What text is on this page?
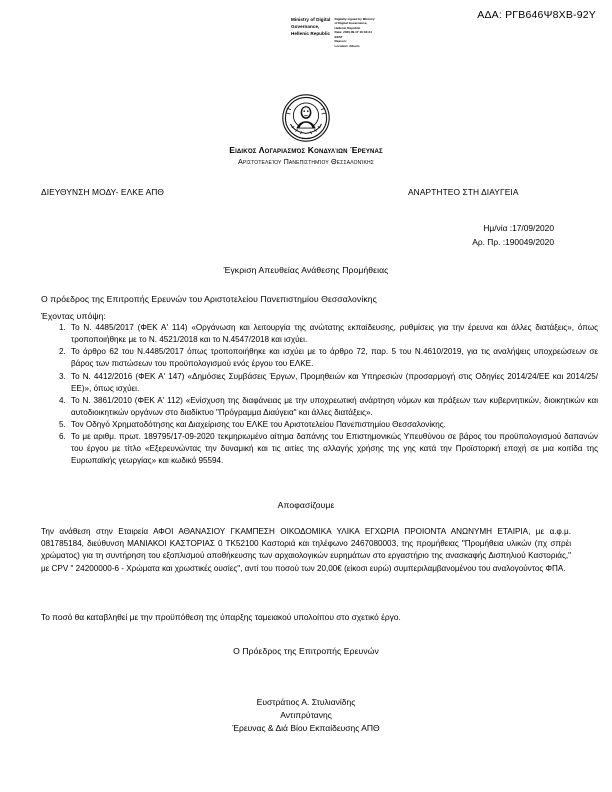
Ministry of Digital
Governance,
Hellenic Republic
Digitally signed by Ministry
of Digital Governance,
Hellenic Republic
Date: 2020.09.17 16:33:24
EEST
Reason:
Location: Athens
ΑΔΑ: ΡΓΒ646Ψ8ΧΒ-92Υ
Ειδικός Λογαριασμός Κονδυλίων Έρευνας
Αριστοτελείου Πανεπιστημίου Θεσσαλονίκης
ΔΙΕΥΘΥΝΣΗ ΜΟΔΥ- ΕΛΚΕ ΑΠΘ	ΑΝΑΡΤΗΤΕΟ ΣΤΗ ΔΙΑΥΓΕΙΑ
Ημ/νία :17/09/2020
Αρ. Πρ. :190049/2020
Έγκριση Απευθείας Ανάθεσης Προμήθειας
Ο πρόεδρος της Επιτροπής Ερευνών του Αριστοτελείου Πανεπιστημίου Θεσσαλονίκης
Έχοντας υπόψη:
1. Το Ν. 4485/2017 (ΦΕΚ Α' 114) «Οργάνωση και λειτουργία της ανώτατης εκπαίδευσης, ρυθμίσεις για την έρευνα και άλλες διατάξεις», όπως τροποποιήθηκε με το Ν. 4521/2018 και το Ν.4547/2018 και ισχύει.
2. Το άρθρο 62 του Ν.4485/2017 όπως τροποποιήθηκε και ισχύει με το άρθρο 72, παρ. 5 του Ν.4610/2019, για τις αναλήψεις υποχρεώσεων σε βάρος των πιστώσεων του προϋπολογισμού ενός έργου του ΕΛΚΕ.
3. Το Ν. 4412/2016 (ΦΕΚ Α' 147) «Δημόσιες Συμβάσεις Έργων, Προμηθειών και Υπηρεσιών (προσαρμογή στις Οδηγίες 2014/24/ΕΕ και 2014/25/ΕΕ)», όπως ισχύει.
4. Το Ν. 3861/2010 (ΦΕΚ Α' 112) «Ενίσχυση της διαφάνειας με την υποχρεωτική ανάρτηση νόμων και πράξεων των κυβερνητικών, διοικητικών και αυτοδιοικητικών οργάνων στο διαδίκτυο "Πρόγραμμα Διαύγεια" και άλλες διατάξεις».
5. Τον Οδηγό Χρηματοδότησης και Διαχείρισης του ΕΛΚΕ του Αριστοτελείου Πανεπιστημίου Θεσσαλονίκης.
6. Το με αριθμ. πρωτ. 189795/17-09-2020 τεκμηριωμένο αίτημα δαπάνης του Επιστημονικώς Υπευθύνου σε βάρος του προϋπολογισμού δαπανών του έργου με τίτλο «Εξερευνώντας την δυναμική και τις αιτίες της αλλαγής χρήσης της γης κατά την Προϊστορική εποχή σε μια κοιτίδα της Ευρωπαϊκής γεωργίας» και κωδικό 95594.
Αποφασίζουμε
Την ανάθεση στην Εταιρεία ΑΦΟΙ ΑΘΑΝΑΣΙΟΥ ΓΚΑΜΠΕΣΗ ΟΙΚΟΔΟΜΙΚΑ ΥΛΙΚΑ ΕΓΧΩΡΙΑ ΠΡΟΙΟΝΤΑ ΑΝΩΝΥΜΗ ΕΤΑΙΡΙΑ, με α.φ.μ. 081785184, διεύθυνση ΜΑΝΙΑΚΟΙ ΚΑΣΤΟΡΙΑΣ 0 ΤΚ52100 Καστοριά και τηλέφωνο 2467080003, της προμήθειας "Προμήθεια υλικών (πχ σπρέι χρώματος) για τη συντήρηση του εξοπλισμού αποθήκευσης των αρχαιολογικών ευρημάτων στο εργαστήριο της ανασκαφής Δισπηλιού Καστοριάς," με CPV " 24200000-6 - Χρώματα και χρωστικές ουσίες", αντί του ποσού των 20,00€ (είκοσι ευρώ) συμπεριλαμβανομένου του αναλογούντος ΦΠΑ.
Το ποσό θα καταβληθεί με την προϋπόθεση της ύπαρξης ταμειακού υπολοίπου στο σχετικό έργο.
Ο Πρόεδρος της Επιτροπής Ερευνών
Ευστράτιος Α. Στυλιανίδης
Αντιπρύτανης
Έρευνας & Διά Βίου Εκπαίδευσης ΑΠΘ
